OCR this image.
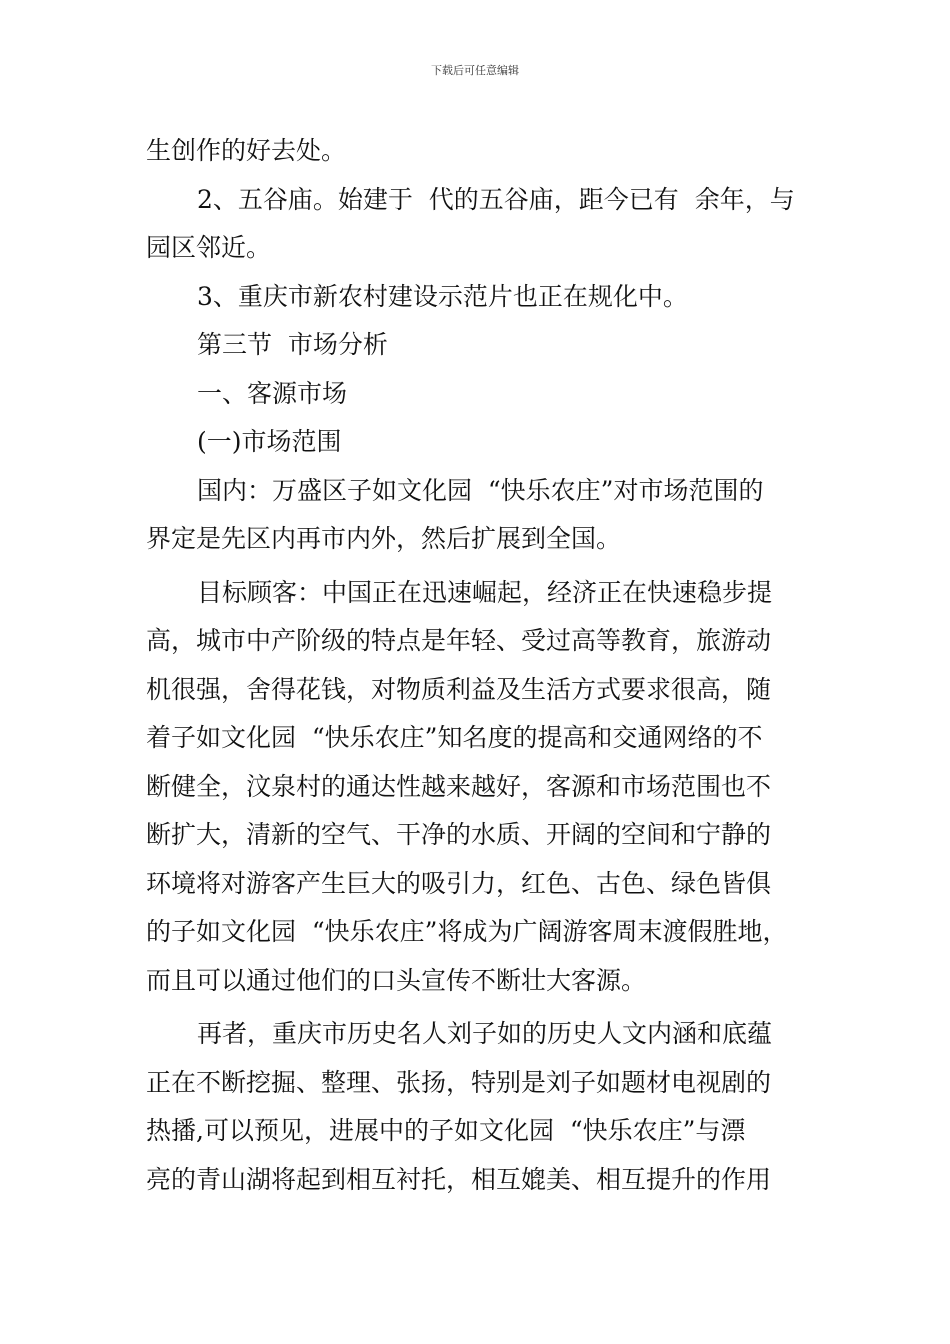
下载后可任意编辑
生创作的好去处。
2、五谷庙。始建于  代的五谷庙，距今已有  余年，与
园区邻近。
3、重庆市新农村建设示范片也正在规化中。
第三节  市场分析
一、客源市场
(一)市场范围
国内：万盛区子如文化园  “快乐农庄”对市场范围的
界定是先区内再市内外，然后扩展到全国。
目标顾客：中国正在迅速崛起，经济正在快速稳步提
高，城市中产阶级的特点是年轻、受过高等教育，旅游动
机很强，舍得花钱，对物质利益及生活方式要求很高，随
着子如文化园  “快乐农庄”知名度的提高和交通网络的不
断健全，汶泉村的通达性越来越好，客源和市场范围也不
断扩大，清新的空气、干净的水质、开阔的空间和宁静的
环境将对游客产生巨大的吸引力，红色、古色、绿色皆俱
的子如文化园  “快乐农庄”将成为广阔游客周末渡假胜地，
而且可以通过他们的口头宣传不断壮大客源。
再者，重庆市历史名人刘子如的历史人文内涵和底蕴
正在不断挖掘、整理、张扬，特别是刘子如题材电视剧的
热播,可以预见，进展中的子如文化园  “快乐农庄”与漂
亮的青山湖将起到相互衬托，相互媲美、相互提升的作用
